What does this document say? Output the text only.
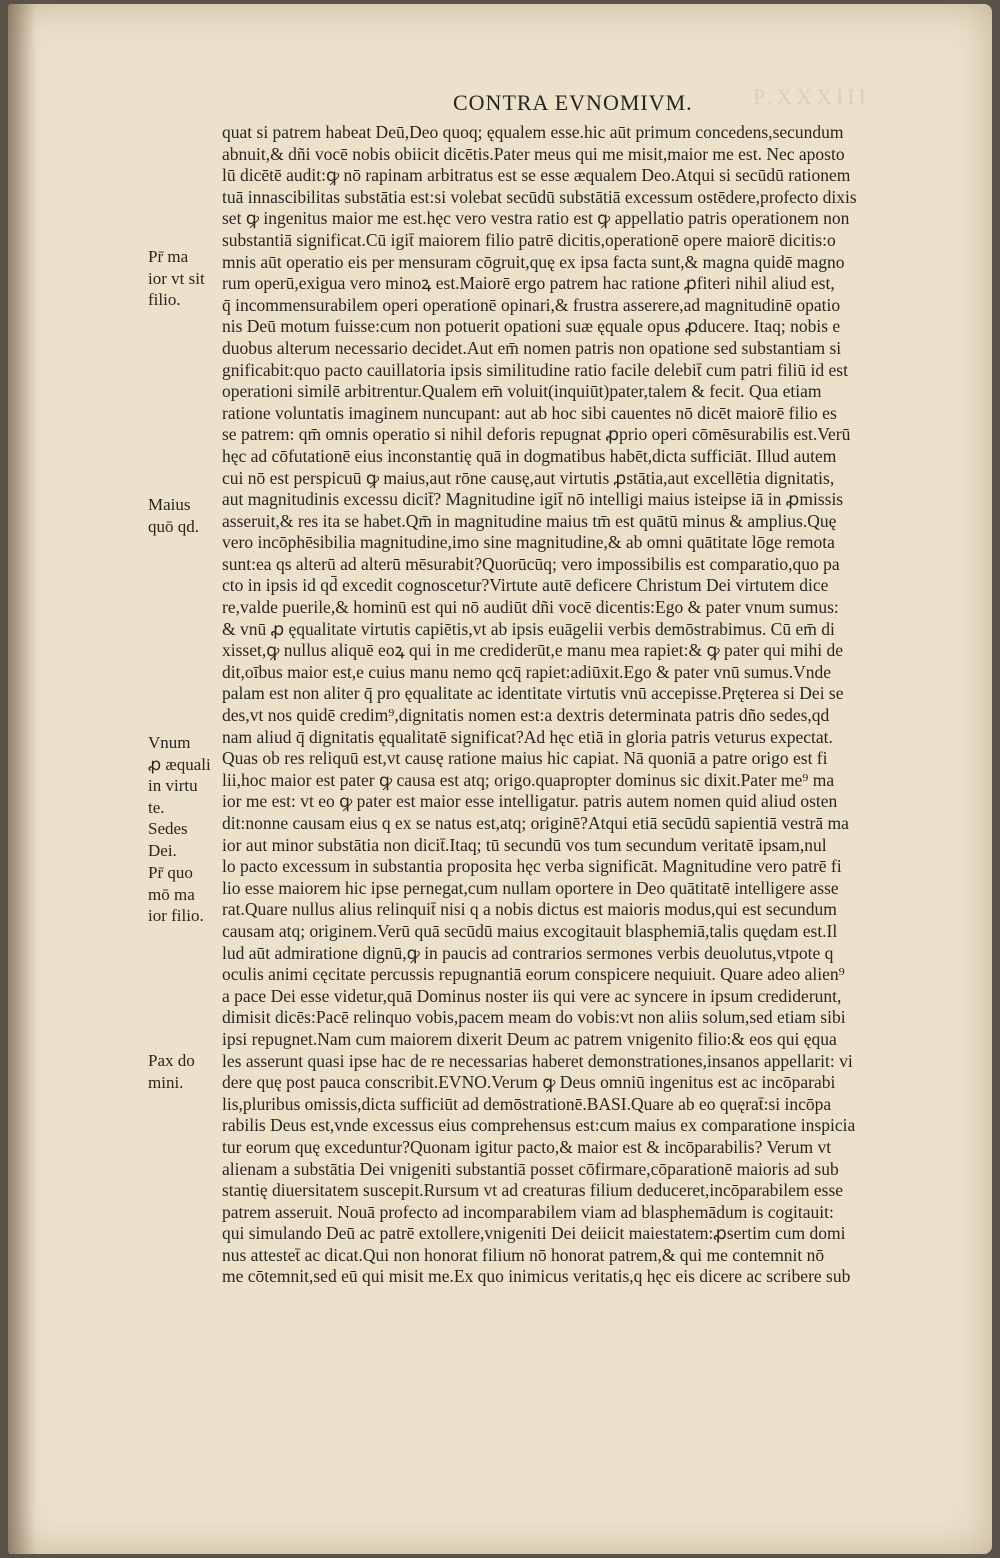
P.XXXIII
CONTRA EVNOMIVM.
quat si patrem habeat Deū,Deo quoq; ęqualem esse.hic aūt primum concedens,secundum
abnuit,& dñi vocē nobis obiicit dicētis.Pater meus qui me misit,maior me est. Nec aposto
lū dicētē audit:ꝙ nō rapinam arbitratus est se esse æqualem Deo.Atqui si secūdū rationem
tuā innascibilitas substātia est:si volebat secūdū substātiā excessum ostēdere,profecto dixis
set ꝙ ingenitus maior me est.hęc vero vestra ratio est ꝙ appellatio patris operationem non
substantiā significat.Cū igit̄ maiorem filio patrē dicitis,operationē opere maiorē dicitis:o
mnis aūt operatio eis per mensuram cōgruit,quę ex ipsa facta sunt,& magna quidē magno
rum operū,exigua vero minoꝝ est.Maiorē ergo patrem hac ratione ꝓfiteri nihil aliud est,
q̄ incommensurabilem operi operationē opinari,& frustra asserere,ad magnitudinē opatio
nis Deū motum fuisse:cum non potuerit opationi suæ ęquale opus ꝓducere. Itaq; nobis e
duobus alterum necessario decidet.Aut em̄ nomen patris non opatione sed substantiam si
gnificabit:quo pacto cauillatoria ipsis similitudine ratio facile delebit̄ cum patri filiū id est
operationi similē arbitrentur.Qualem em̄ voluit(inquiūt)pater,talem & fecit. Qua etiam
ratione voluntatis imaginem nuncupant: aut ab hoc sibi cauentes nō dicēt maiorē filio es
se patrem: qm̄ omnis operatio si nihil deforis repugnat ꝓprio operi cōmēsurabilis est.Verū
hęc ad cōfutationē eius inconstantię quā in dogmatibus habēt,dicta sufficiāt. Illud autem
cui nō est perspicuū ꝙ maius,aut rōne causę,aut virtutis ꝓstātia,aut excellētia dignitatis,
aut magnitudinis excessu dicit̄? Magnitudine igit̄ nō intelligi maius isteipse iā in ꝓmissis
asseruit,& res ita se habet.Qm̄ in magnitudine maius tm̄ est quātū minus & amplius.Quę
vero incōphēsibilia magnitudine,imo sine magnitudine,& ab omni quātitate lōge remota
sunt:ea qs alterū ad alterū mēsurabit?Quorūcūq; vero impossibilis est comparatio,quo pa
cto in ipsis id qd̄ excedit cognoscetur?Virtute autē deficere Christum Dei virtutem dice
re,valde puerile,& hominū est qui nō audiūt dñi vocē dicentis:Ego & pater vnum sumus:
& vnū ꝓ ęqualitate virtutis capiētis,vt ab ipsis euāgelii verbis demōstrabimus. Cū em̄ di
xisset,ꝙ nullus aliquē eoꝝ qui in me crediderūt,e manu mea rapiet:& ꝙ pater qui mihi de
dit,oībus maior est,e cuius manu nemo qcq̄ rapiet:adiūxit.Ego & pater vnū sumus.Vnde
palam est non aliter q̄ pro ęqualitate ac identitate virtutis vnū accepisse.Pręterea si Dei se
des,vt nos quidē credim⁹,dignitatis nomen est:a dextris determinata patris dño sedes,qd
nam aliud q̄ dignitatis ęqualitatē significat?Ad hęc etiā in gloria patris veturus expectat.
Quas ob res reliquū est,vt causę ratione maius hic capiat. Nā quoniā a patre origo est fi
lii,hoc maior est pater ꝙ causa est atq; origo.quapropter dominus sic dixit.Pater me⁹ ma
ior me est: vt eo ꝙ pater est maior esse intelligatur. patris autem nomen quid aliud osten
dit:nonne causam eius q ex se natus est,atq; originē?Atqui etiā secūdū sapientiā vestrā ma
ior aut minor substātia non dicit̄.Itaq; tū secundū vos tum secundum veritatē ipsam,nul
lo pacto excessum in substantia proposita hęc verba significāt. Magnitudine vero patrē fi
lio esse maiorem hic ipse pernegat,cum nullam oportere in Deo quātitatē intelligere asse
rat.Quare nullus alius relinquit̄ nisi q a nobis dictus est maioris modus,qui est secundum
causam atq; originem.Verū quā secūdū maius excogitauit blasphemiā,talis quędam est.Il
lud aūt admiratione dignū,ꝙ in paucis ad contrarios sermones verbis deuolutus,vtpote q
oculis animi cęcitate percussis repugnantiā eorum conspicere nequiuit. Quare adeo alien⁹
a pace Dei esse videtur,quā Dominus noster iis qui vere ac syncere in ipsum crediderunt,
dimisit dicēs:Pacē relinquo vobis,pacem meam do vobis:vt non aliis solum,sed etiam sibi
ipsi repugnet.Nam cum maiorem dixerit Deum ac patrem vnigenito filio:& eos qui ęqua
les asserunt quasi ipse hac de re necessarias haberet demonstrationes,insanos appellarit: vi
dere quę post pauca conscribit.EVNO.Verum ꝙ Deus omniū ingenitus est ac incōparabi
lis,pluribus omissis,dicta sufficiūt ad demōstrationē.BASI.Quare ab eo quęrat̄:si incōpa
rabilis Deus est,vnde excessus eius comprehensus est:cum maius ex comparatione inspicia
tur eorum quę exceduntur?Quonam igitur pacto,& maior est & incōparabilis? Verum vt
alienam a substātia Dei vnigeniti substantiā posset cōfirmare,cōparationē maioris ad sub
stantię diuersitatem suscepit.Rursum vt ad creaturas filium deduceret,incōparabilem esse
patrem asseruit. Nouā profecto ad incomparabilem viam ad blasphemādum is cogitauit:
qui simulando Deū ac patrē extollere,vnigeniti Dei deiicit maiestatem:ꝓsertim cum domi
nus attestet̄ ac dicat.Qui non honorat filium nō honorat patrem,& qui me contemnit nō
me cōtemnit,sed eū qui misit me.Ex quo inimicus veritatis,q hęc eis dicere ac scribere sub
Pr̄ ma
ior vt sit
filio.
Maius
quō qd.
Vnum
ꝓ æquali
in virtu
te.
Sedes
Dei.
Pr̄ quo
mō ma
ior filio.
Pax do
mini.
